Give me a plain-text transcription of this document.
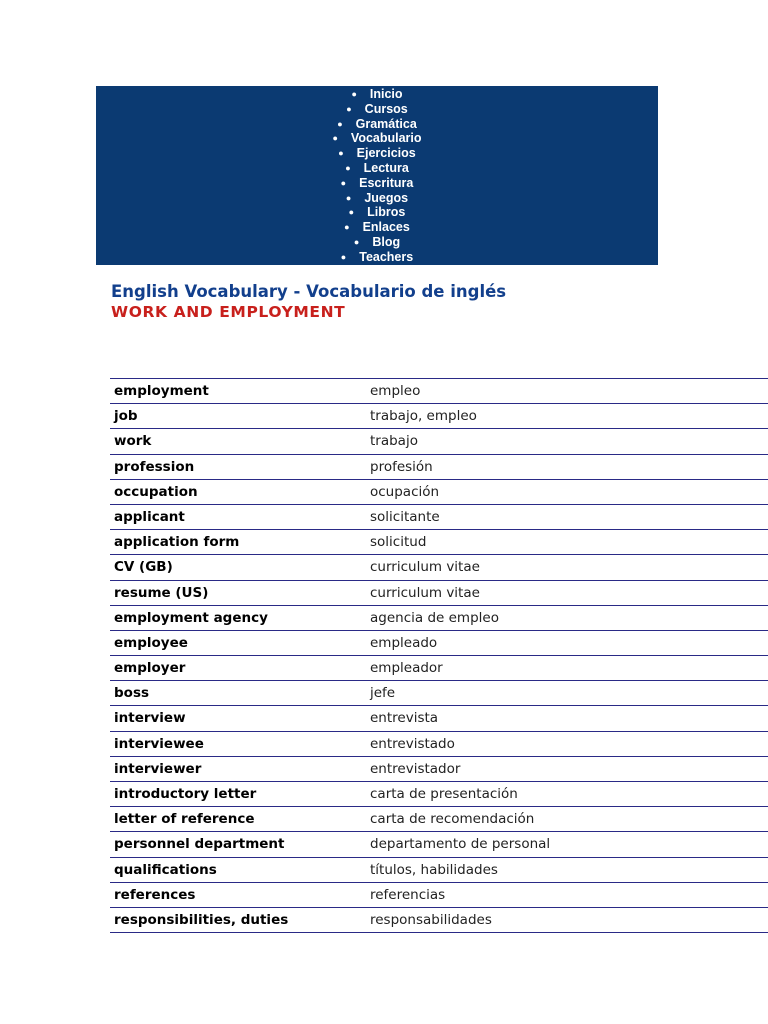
● Inicio
● Cursos
● Gramática
● Vocabulario
● Ejercicios
● Lectura
● Escritura
● Juegos
● Libros
● Enlaces
● Blog
● Teachers
English Vocabulary - Vocabulario de inglés
WORK AND EMPLOYMENT
employment	empleo
job	trabajo, empleo
work	trabajo
profession	profesión
occupation	ocupación
applicant	solicitante
application form	solicitud
CV (GB)	curriculum vitae
resume (US)	curriculum vitae
employment agency	agencia de empleo
employee	empleado
employer	empleador
boss	jefe
interview	entrevista
interviewee	entrevistado
interviewer	entrevistador
introductory letter	carta de presentación
letter of reference	carta de recomendación
personnel department	departamento de personal
qualifications	títulos, habilidades
references	referencias
responsibilities, duties	responsabilidades
